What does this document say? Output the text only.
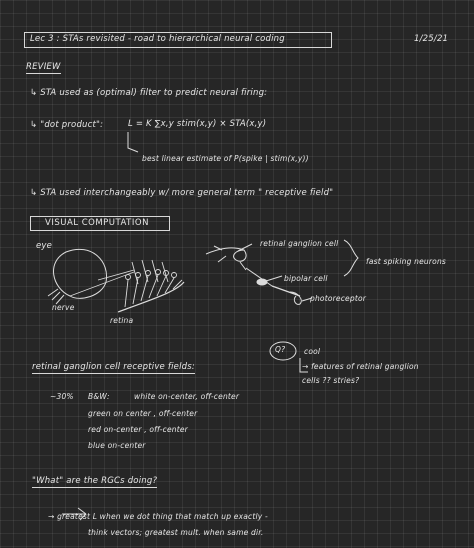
Lec 3 : STAs revisited - road to hierarchical neural coding	1/25/21
REVIEW
↳ STA used as (optimal) filter to predict neural firing:
↳ "dot product":	L = K ∑x,y stim(x,y) × STA(x,y)
best linear estimate of P(spike | stim(x,y))
↳ STA used interchangeably w/ more general term " receptive field"
VISUAL COMPUTATION
eye
nerve
retina
retinal ganglion cell
bipolar cell
photoreceptor
fast spiking neurons
Q? cool
→ features of retinal ganglion
cells ?? stries?
retinal ganglion cell receptive fields:
~30% B&W:	white on-center, off-center
green on center , off-center
red on-center , off-center
blue on-center
"What" are the RGCs doing?
→ greatest L when we dot thing that match up exactly -
think vectors; greatest mult. when same dir.
